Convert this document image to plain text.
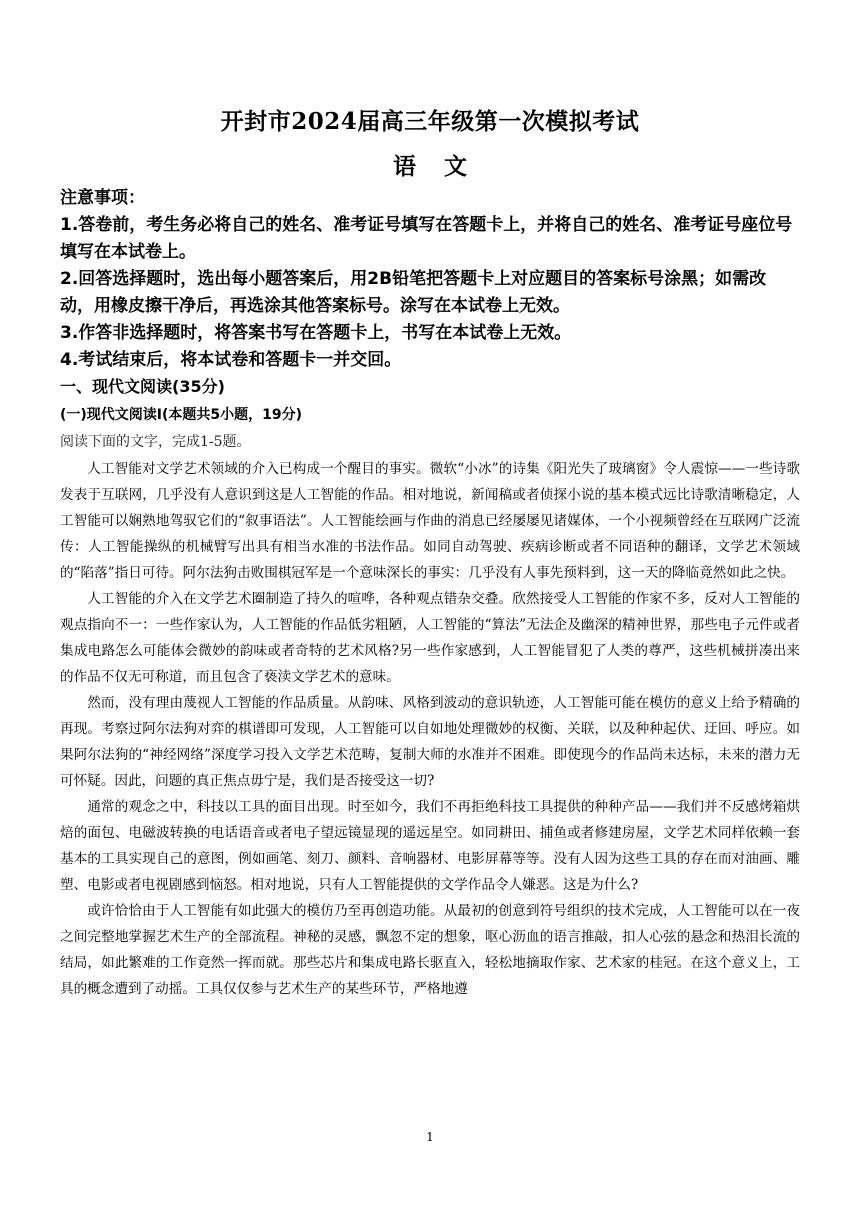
开封市2024届高三年级第一次模拟考试
语文

注意事项：

1.答卷前，考生务必将自己的姓名、准考证号填写在答题卡上，并将自己的姓名、准考证号座位号填写在本试卷上。

2.回答选择题时，选出每小题答案后，用2B铅笔把答题卡上对应题目的答案标号涂黑；如需改动，用橡皮擦干净后，再选涂其他答案标号。涂写在本试卷上无效。

3.作答非选择题时，将答案书写在答题卡上，书写在本试卷上无效。

4.考试结束后，将本试卷和答题卡一并交回。

一、现代文阅读(35分)
(一)现代文阅读Ⅰ(本题共5小题，19分)
阅读下面的文字，完成1-5题。

人工智能对文学艺术领域的介入已构成一个醒目的事实。微软“小冰”的诗集《阳光失了玻璃窗》令人震惊——一些诗歌发表于互联网，几乎没有人意识到这是人工智能的作品。相对地说，新闻稿或者侦探小说的基本模式远比诗歌清晰稳定，人工智能可以娴熟地驾驭它们的“叙事语法”。人工智能绘画与作曲的消息已经屡屡见诸媒体，一个小视频曾经在互联网广泛流传：人工智能操纵的机械臂写出具有相当水准的书法作品。如同自动驾驶、疾病诊断或者不同语种的翻译，文学艺术领域的“陷落”指日可待。阿尔法狗击败围棋冠军是一个意味深长的事实：几乎没有人事先预料到，这一天的降临竟然如此之快。

人工智能的介入在文学艺术圈制造了持久的喧哗，各种观点错杂交叠。欣然接受人工智能的作家不多，反对人工智能的观点指向不一：一些作家认为，人工智能的作品低劣粗陋，人工智能的“算法”无法企及幽深的精神世界，那些电子元件或者集成电路怎么可能体会微妙的韵味或者奇特的艺术风格?另一些作家感到，人工智能冒犯了人类的尊严，这些机械拼凑出来的作品不仅无可称道，而且包含了亵渎文学艺术的意味。

然而，没有理由蔑视人工智能的作品质量。从韵味、风格到波动的意识轨迹，人工智能可能在模仿的意义上给予精确的再现。考察过阿尔法狗对弈的棋谱即可发现，人工智能可以自如地处理微妙的权衡、关联，以及种种起伏、迂回、呼应。如果阿尔法狗的“神经网络”深度学习投入文学艺术范畴，复制大师的水准并不困难。即使现今的作品尚未达标，未来的潜力无可怀疑。因此，问题的真正焦点毋宁是，我们是否接受这一切?

通常的观念之中，科技以工具的面目出现。时至如今，我们不再拒绝科技工具提供的种种产品——我们并不反感烤箱烘焙的面包、电磁波转换的电话语音或者电子望远镜显现的遥远星空。如同耕田、捕鱼或者修建房屋，文学艺术同样依赖一套基本的工具实现自己的意图，例如画笔、刻刀、颜料、音响器材、电影屏幕等等。没有人因为这些工具的存在而对油画、雕塑、电影或者电视剧感到恼怒。相对地说，只有人工智能提供的文学作品令人嫌恶。这是为什么?

或许恰恰由于人工智能有如此强大的模仿乃至再创造功能。从最初的创意到符号组织的技术完成，人工智能可以在一夜之间完整地掌握艺术生产的全部流程。神秘的灵感，飘忽不定的想象，呕心沥血的语言推敲，扣人心弦的悬念和热泪长流的结局，如此繁难的工作竟然一挥而就。那些芯片和集成电路长驱直入，轻松地摘取作家、艺术家的桂冠。在这个意义上，工具的概念遭到了动摇。工具仅仅参与艺术生产的某些环节，严格地遵

1
